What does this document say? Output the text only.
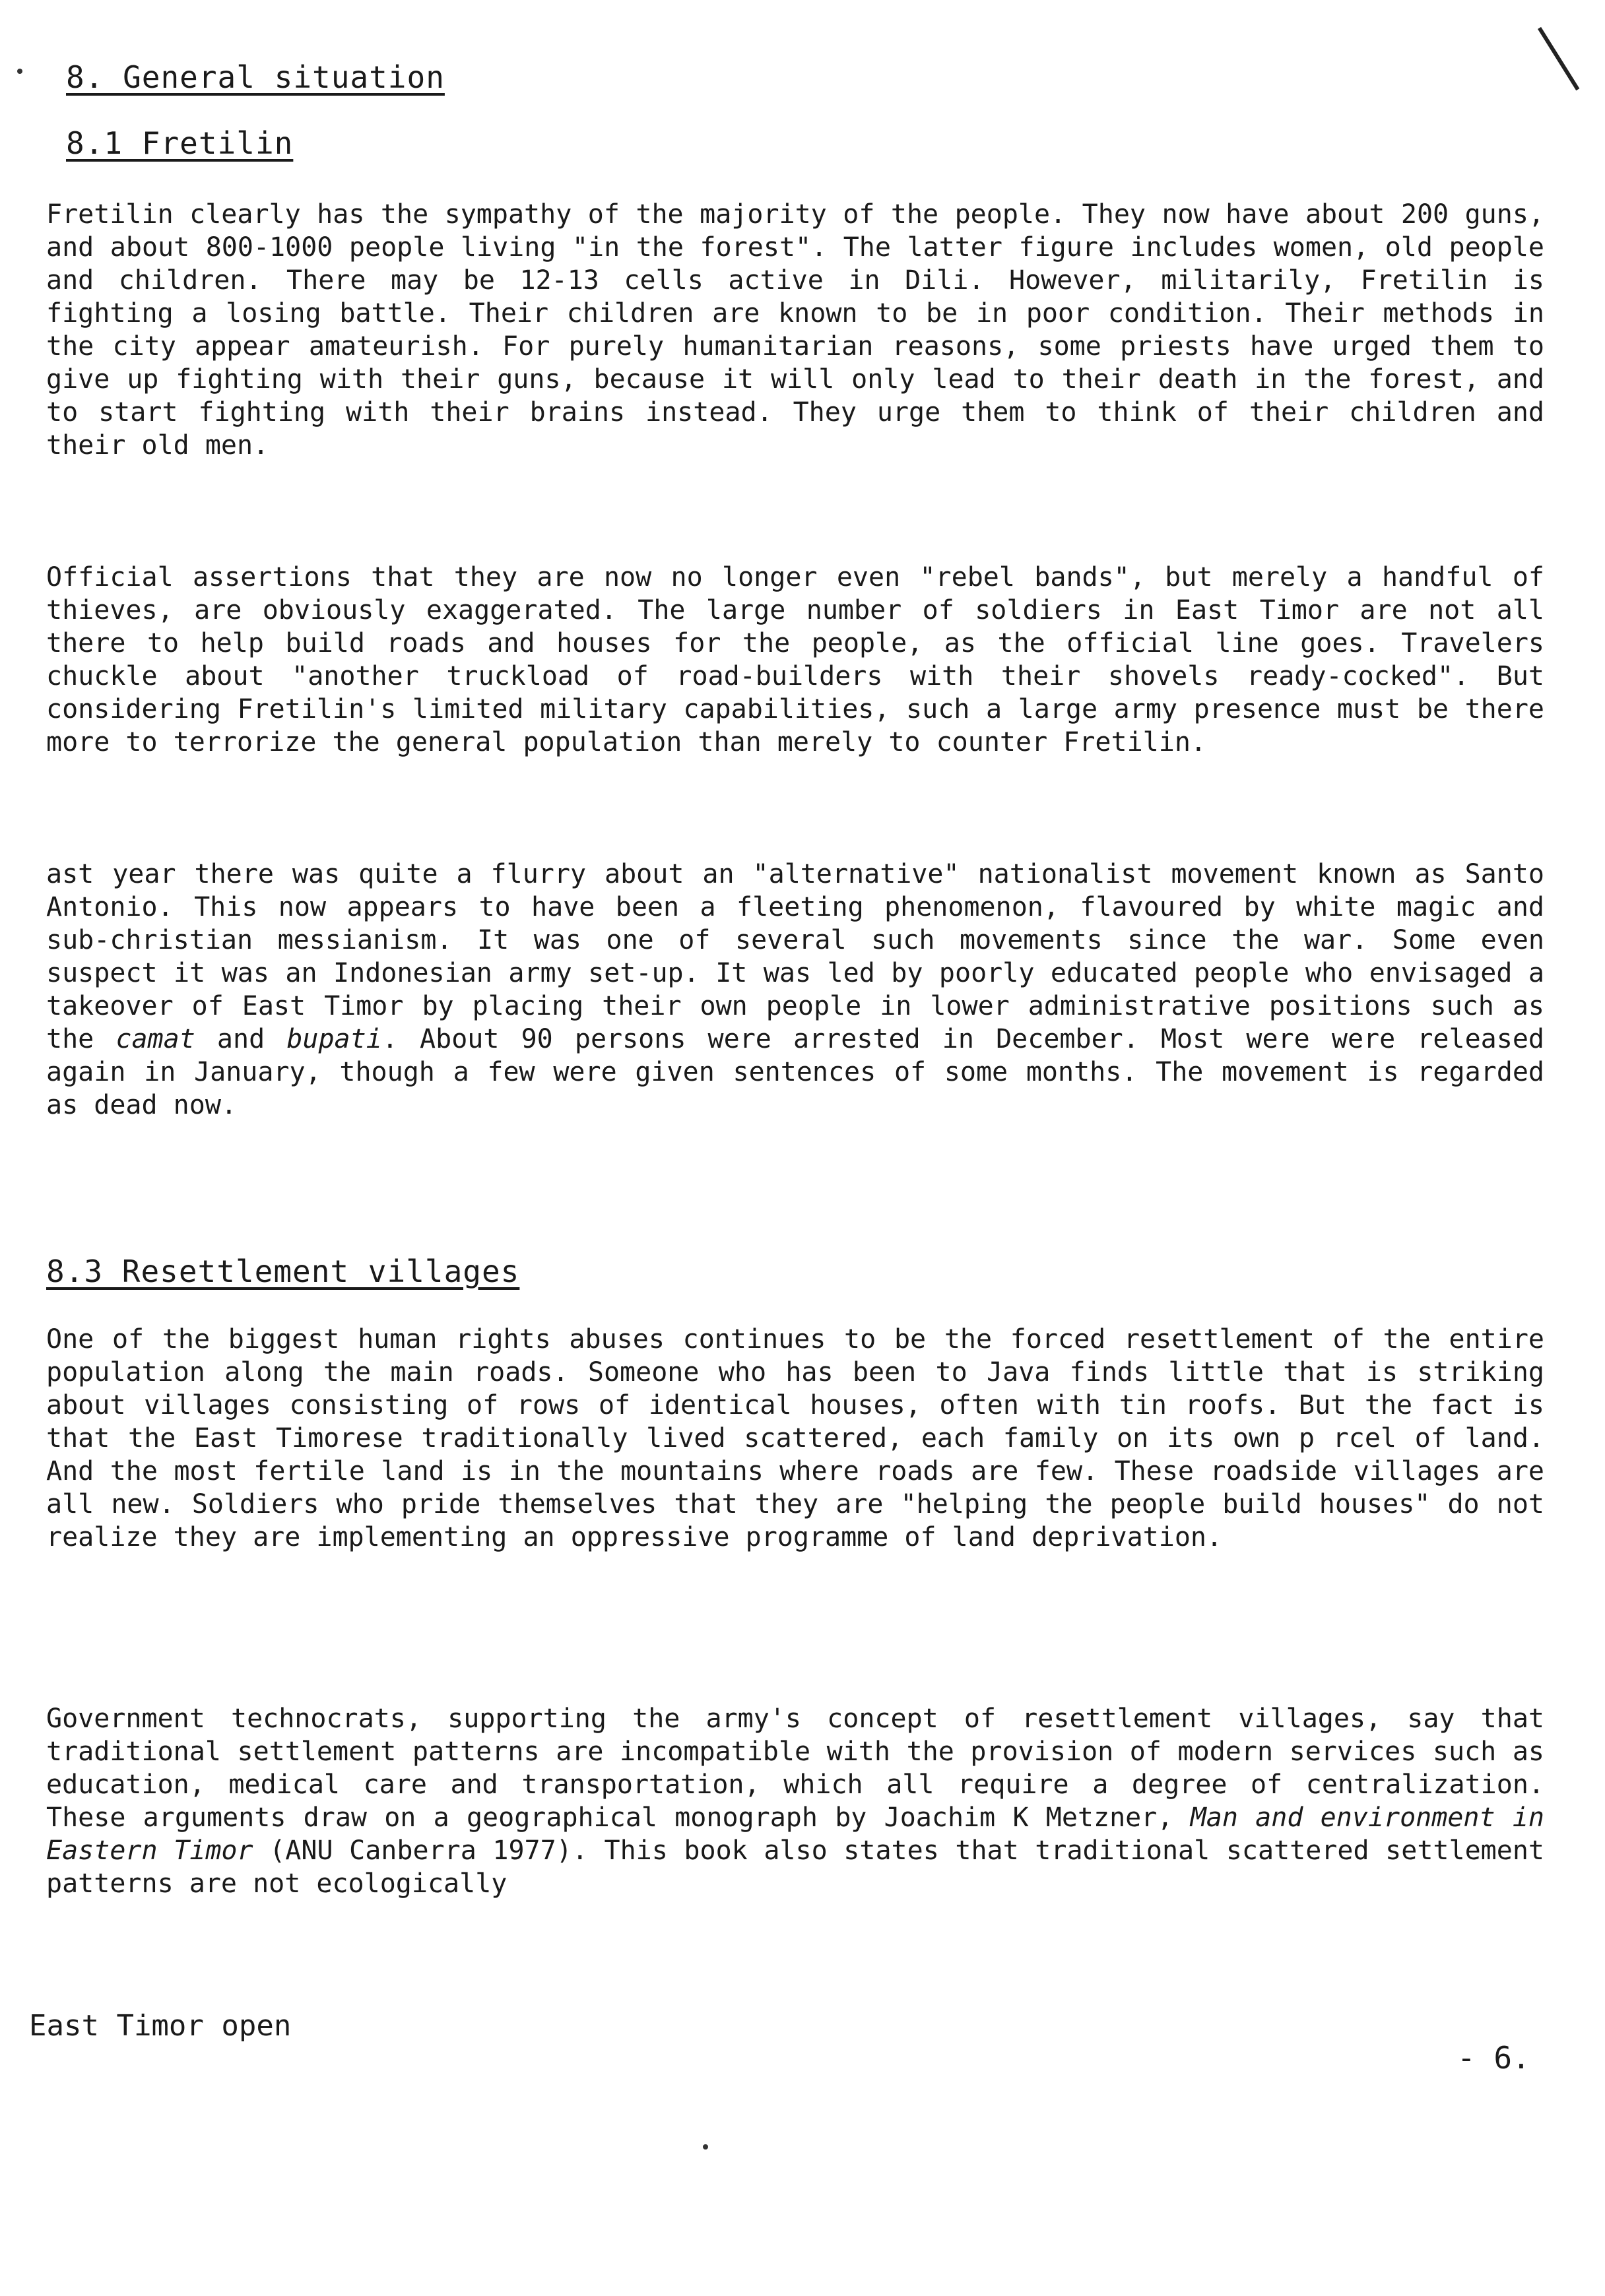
8. General situation
8.1 Fretilin
Fretilin clearly has the sympathy of the majority of the people. They now have about 200 guns, and about 800-1000 people living "in the forest". The latter figure includes women, old people and children. There may be 12-13 cells active in Dili. However, militarily, Fretilin is fighting a losing battle. Their children are known to be in poor condition. Their methods in the city appear amateurish. For purely humanitarian reasons, some priests have urged them to give up fighting with their guns, because it will only lead to their death in the forest, and to start fighting with their brains instead. They urge them to think of their children and their old men.
Official assertions that they are now no longer even "rebel bands", but merely a handful of thieves, are obviously exaggerated. The large number of soldiers in East Timor are not all there to help build roads and houses for the people, as the official line goes. Travelers chuckle about "another truckload of road-builders with their shovels ready-cocked". But considering Fretilin's limited military capabilities, such a large army presence must be there more to terrorize the general population than merely to counter Fretilin.
ast year there was quite a flurry about an "alternative" nationalist movement known as Santo Antonio. This now appears to have been a fleeting phenomenon, flavoured by white magic and sub-christian messianism. It was one of several such movements since the war. Some even suspect it was an Indonesian army set-up. It was led by poorly educated people who envisaged a takeover of East Timor by placing their own people in lower administrative positions such as the camat and bupati. About 90 persons were arrested in December. Most were were released again in January, though a few were given sentences of some months. The movement is regarded as dead now.
8.3 Resettlement villages
One of the biggest human rights abuses continues to be the forced resettlement of the entire population along the main roads. Someone who has been to Java finds little that is striking about villages consisting of rows of identical houses, often with tin roofs. But the fact is that the East Timorese traditionally lived scattered, each family on its own p rcel of land. And the most fertile land is in the mountains where roads are few. These roadside villages are all new. Soldiers who pride themselves that they are "helping the people build houses" do not realize they are implementing an oppressive programme of land deprivation.
Government technocrats, supporting the army's concept of resettlement villages, say that traditional settlement patterns are incompatible with the provision of modern services such as education, medical care and transportation, which all require a degree of centralization. These arguments draw on a geographical monograph by Joachim K Metzner, Man and environment in Eastern Timor (ANU Canberra 1977). This book also states that traditional scattered settlement patterns are not ecologically
East Timor open
- 6.
